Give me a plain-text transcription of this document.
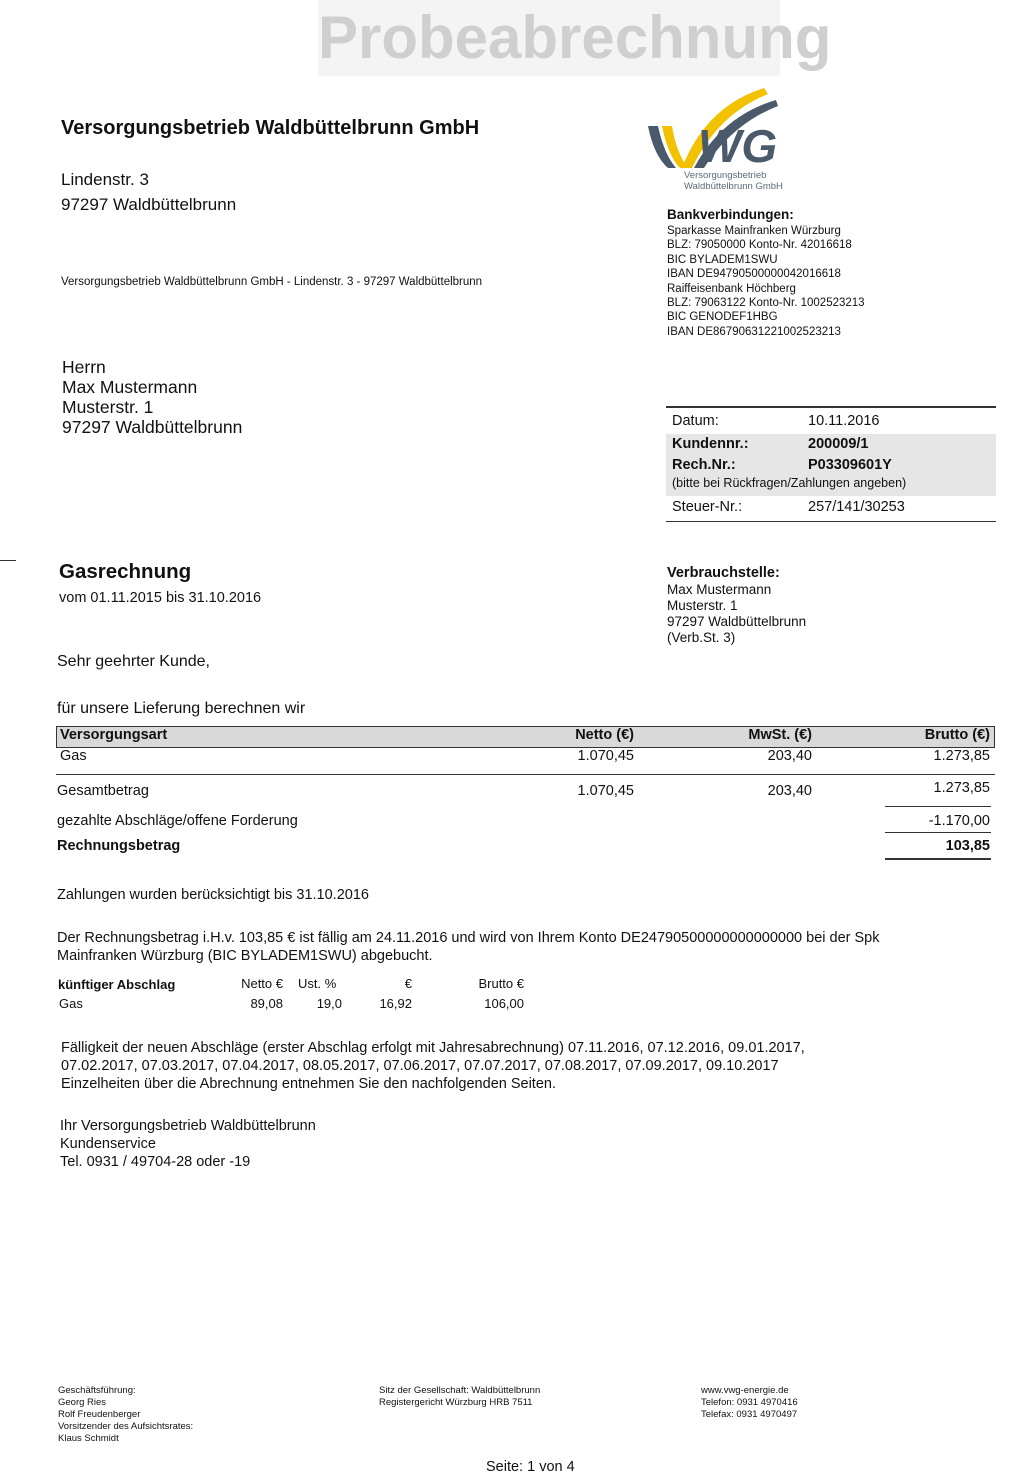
Probeabrechnung
Versorgungsbetrieb Waldbüttelbrunn GmbH
Lindenstr. 3
97297 Waldbüttelbrunn
Versorgungsbetrieb Waldbüttelbrunn GmbH - Lindenstr. 3 - 97297 Waldbüttelbrunn
WG
Versorgungsbetrieb
Waldbüttelbrunn GmbH
Bankverbindungen:
Sparkasse Mainfranken Würzburg
BLZ: 79050000 Konto-Nr. 42016618
BIC BYLADEM1SWU
IBAN DE94790500000042016618
Raiffeisenbank Höchberg
BLZ: 79063122 Konto-Nr. 1002523213
BIC GENODEF1HBG
IBAN DE86790631221002523213
Herrn
Max Mustermann
Musterstr. 1
97297 Waldbüttelbrunn	Datum:	10.11.2016
Kundennr.:	200009/1
Rech.Nr.:	P03309601Y
(bitte bei Rückfragen/Zahlungen angeben)
Steuer-Nr.:	257/141/30253
Gasrechnung
vom 01.11.2015 bis 31.10.2016
Sehr geehrter Kunde,
für unsere Lieferung berechnen wir
Verbrauchstelle:
Max Mustermann
Musterstr. 1
97297 Waldbüttelbrunn
(Verb.St. 3)
Versorgungsart	Netto (€)	MwSt. (€)	Brutto (€)
Gas	1.070,45	203,40	1.273,85
Gesamtbetrag	1.070,45	203,40	1.273,85
gezahlte Abschläge/offene Forderung	-1.170,00
Rechnungsbetrag	103,85
Zahlungen wurden berücksichtigt bis 31.10.2016
Der Rechnungsbetrag i.H.v. 103,85 € ist fällig am 24.11.2016 und wird von Ihrem Konto DE24790500000000000000 bei der Spk
Mainfranken Würzburg (BIC BYLADEM1SWU) abgebucht.
künftiger Abschlag	Netto € Ust. %	€	Brutto €
Gas	89,08	19,0	16,92	106,00
Fälligkeit der neuen Abschläge (erster Abschlag erfolgt mit Jahresabrechnung) 07.11.2016, 07.12.2016, 09.01.2017,
07.02.2017, 07.03.2017, 07.04.2017, 08.05.2017, 07.06.2017, 07.07.2017, 07.08.2017, 07.09.2017, 09.10.2017
Einzelheiten über die Abrechnung entnehmen Sie den nachfolgenden Seiten.
Ihr Versorgungsbetrieb Waldbüttelbrunn
Kundenservice
Tel. 0931 / 49704-28 oder -19
Geschäftsführung:
Georg Ries
Rolf Freudenberger
Vorsitzender des Aufsichtsrates:
Klaus Schmidt
Sitz der Gesellschaft: Waldbüttelbrunn
Registergericht Würzburg HRB 7511
www.vwg-energie.de
Telefon: 0931 4970416
Telefax: 0931 4970497
Seite: 1 von 4
